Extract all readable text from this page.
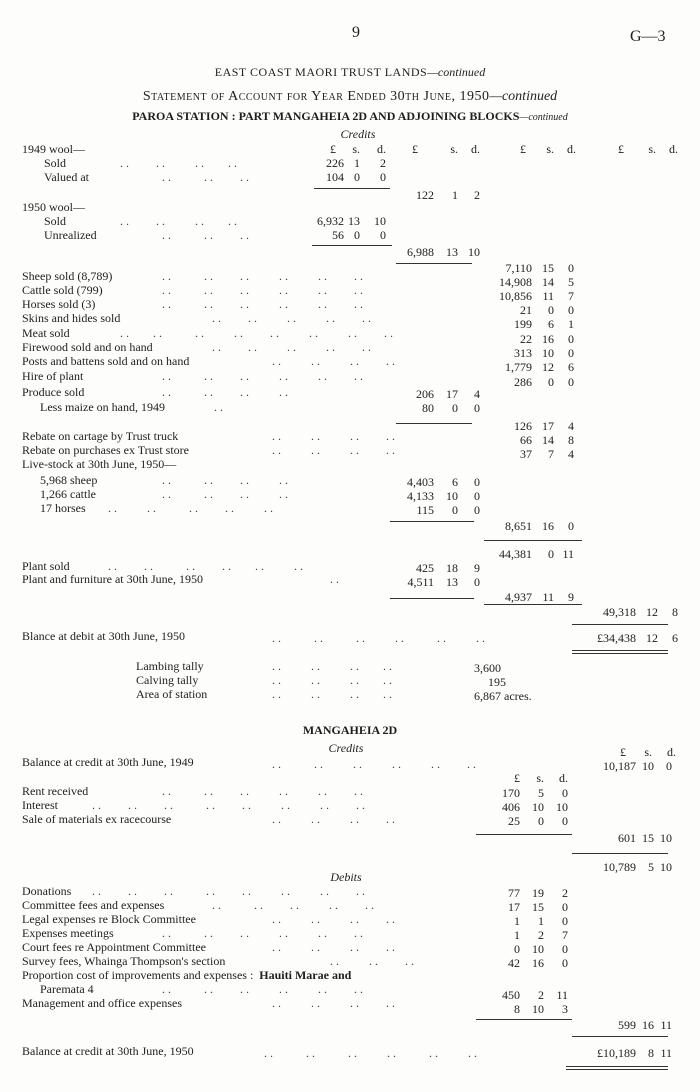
9	G—3
EAST COAST MAORI TRUST LANDS—continued
Statement of Account for Year Ended 30th June, 1950—continued
PAROA STATION : PART MANGAHEIA 2D AND ADJOINING BLOCKS—continued
Credits
£	s.	d.	£	s.	d.	£	s.	d.	£	s.	d.
1949 wool—
Sold	. .         . .          . .        . .	226 1	2
Valued at	. .           . .         . .	104 0	0
122	1	2
1950 wool—
Sold	. .         . .          . .        . .	6,932 13	10
Unrealized	. .           . .         . .	56 0	0
6,988	13 10
7,110 15	0
Sheep sold (8,789)	. .           . .         . .          . .          . .         . .	14,908 14	5
Cattle sold (799)	. .           . .         . .          . .          . .         . .	10,856 11	7
Horses sold (3)	. .           . .         . .          . .          . .         . .	21	0	0
Skins and hides sold	. .         . .          . .          . .         . .	199	6	1
Meat sold	. .        . .           . .          . .         . .          . .          . .         . .	22 16	0
Firewood sold and on hand	. .         . .          . .          . .         . .	313 10	0
Posts and battens sold and on hand	. .          . .          . .         . .	1,779 12	6
Hire of plant	. .           . .         . .          . .          . .         . .	286	0	0
Produce sold	. .           . .         . .          . .	206	17	4
Less maize on hand, 1949	. .	80	0	0
126 17	4
Rebate on cartage by Trust truck	. .          . .          . .         . .	66 14	8
Rebate on purchases ex Trust store	. .          . .          . .         . .	37	7	4
Live-stock at 30th June, 1950—
5,968 sheep	. .           . .         . .          . .	4,403	6	0
1,266 cattle	. .           . .         . .          . .	4,133	10	0
17 horses . .          . .           . .         . .          . .	115	0	0
8,651 16	0
44,381	0 11
Plant sold	. .         . .           . .         . .        . .          . .	425	18	9
Plant and furniture at 30th June, 1950	. .	4,511	13	0
4,937 11	9
49,318 12	8
Blance at debit at 30th June, 1950	. .           . .           . .          . .           . .          . .	£34,438 12	6
Lambing tally	. .          . .          . .        . .	3,600
Calving tally	. .          . .          . .        . .	195
Area of station	. .          . .          . .        . .	6,867 acres.
MANGAHEIA 2D
Credits	£	s.	d.
Balance at credit at 30th June, 1949	. .           . .          . .          . .          . .         . .	10,187 10	0
£	s.	d.
Rent received	. .           . .         . .          . .          . .         . .	170	5	0
Interest	. .         . .         . .           . .         . .          . .          . .         . .	406	10	10
Sale of materials ex racecourse	. .          . .          . .         . .	25	0	0
601 15 10
10,789	5 10
Debits
Donations . .         . .         . .           . .         . .          . .          . .         . .	77	19	2
Committee fees and expenses	. .           . .         . .          . .         . .	17	15	0
Legal expenses re Block Committee	. .          . .          . .         . .	1	1	0
Expenses meetings	. .           . .         . .          . .          . .         . .	1	2	7
Court fees re Appointment Committee	. .          . .          . .         . .	0	10	0
Survey fees, Whainga Thompson's section	. .          . .         . .	42	16	0
Proportion cost of improvements and expenses : Hauiti Marae and
Paremata 4	. .           . .         . .          . .          . .         . .	450	2	11
Management and office expenses	. .          . .          . .         . .	8	10	3
599 16 11
Balance at credit at 30th June, 1950	. .           . .           . .          . .           . .          . .	£10,189	8 11
